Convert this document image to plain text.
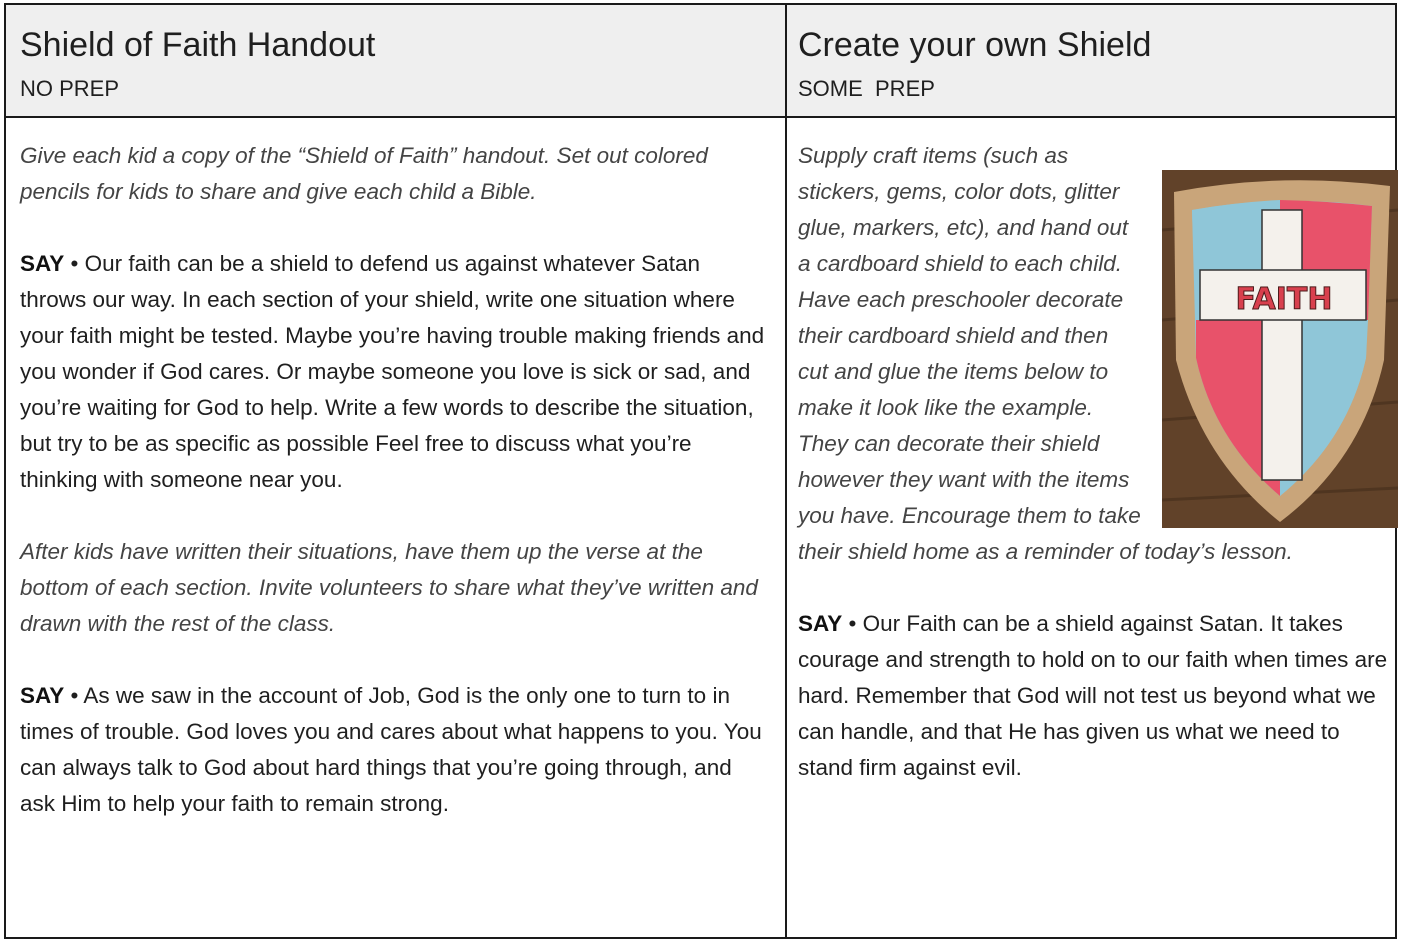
Shield of Faith Handout
NO PREP
Create your own Shield
SOME  PREP

Give each kid a copy of the “Shield of Faith” handout. Set out colored pencils for kids to share and give each child a Bible.

SAY • Our faith can be a shield to defend us against whatever Satan throws our way. In each section of your shield, write one situation where your faith might be tested. Maybe you’re having trouble making friends and you wonder if God cares. Or maybe someone you love is sick or sad, and you’re waiting for God to help. Write a few words to describe the situation, but try to be as specific as possible Feel free to discuss what you’re thinking with someone near you.

After kids have written their situations, have them up the verse at the bottom of each section. Invite volunteers to share what they’ve written and drawn with the rest of the class.

SAY • As we saw in the account of Job, God is the only one to turn to in times of trouble. God loves you and cares about what happens to you. You can always talk to God about hard things that you’re going through, and ask Him to help your faith to remain strong.

FAITH

Supply craft items (such as stickers, gems, color dots, glitter glue, markers, etc), and hand out a cardboard shield to each child. Have each preschooler decorate their cardboard shield and then cut and glue the items below to make it look like the example. They can decorate their shield however they want with the items you have. Encourage them to take their shield home as a reminder of today’s lesson.

SAY • Our Faith can be a shield against Satan. It takes courage and strength to hold on to our faith when times are hard. Remember that God will not test us beyond what we can handle, and that He has given us what we need to stand firm against evil.
